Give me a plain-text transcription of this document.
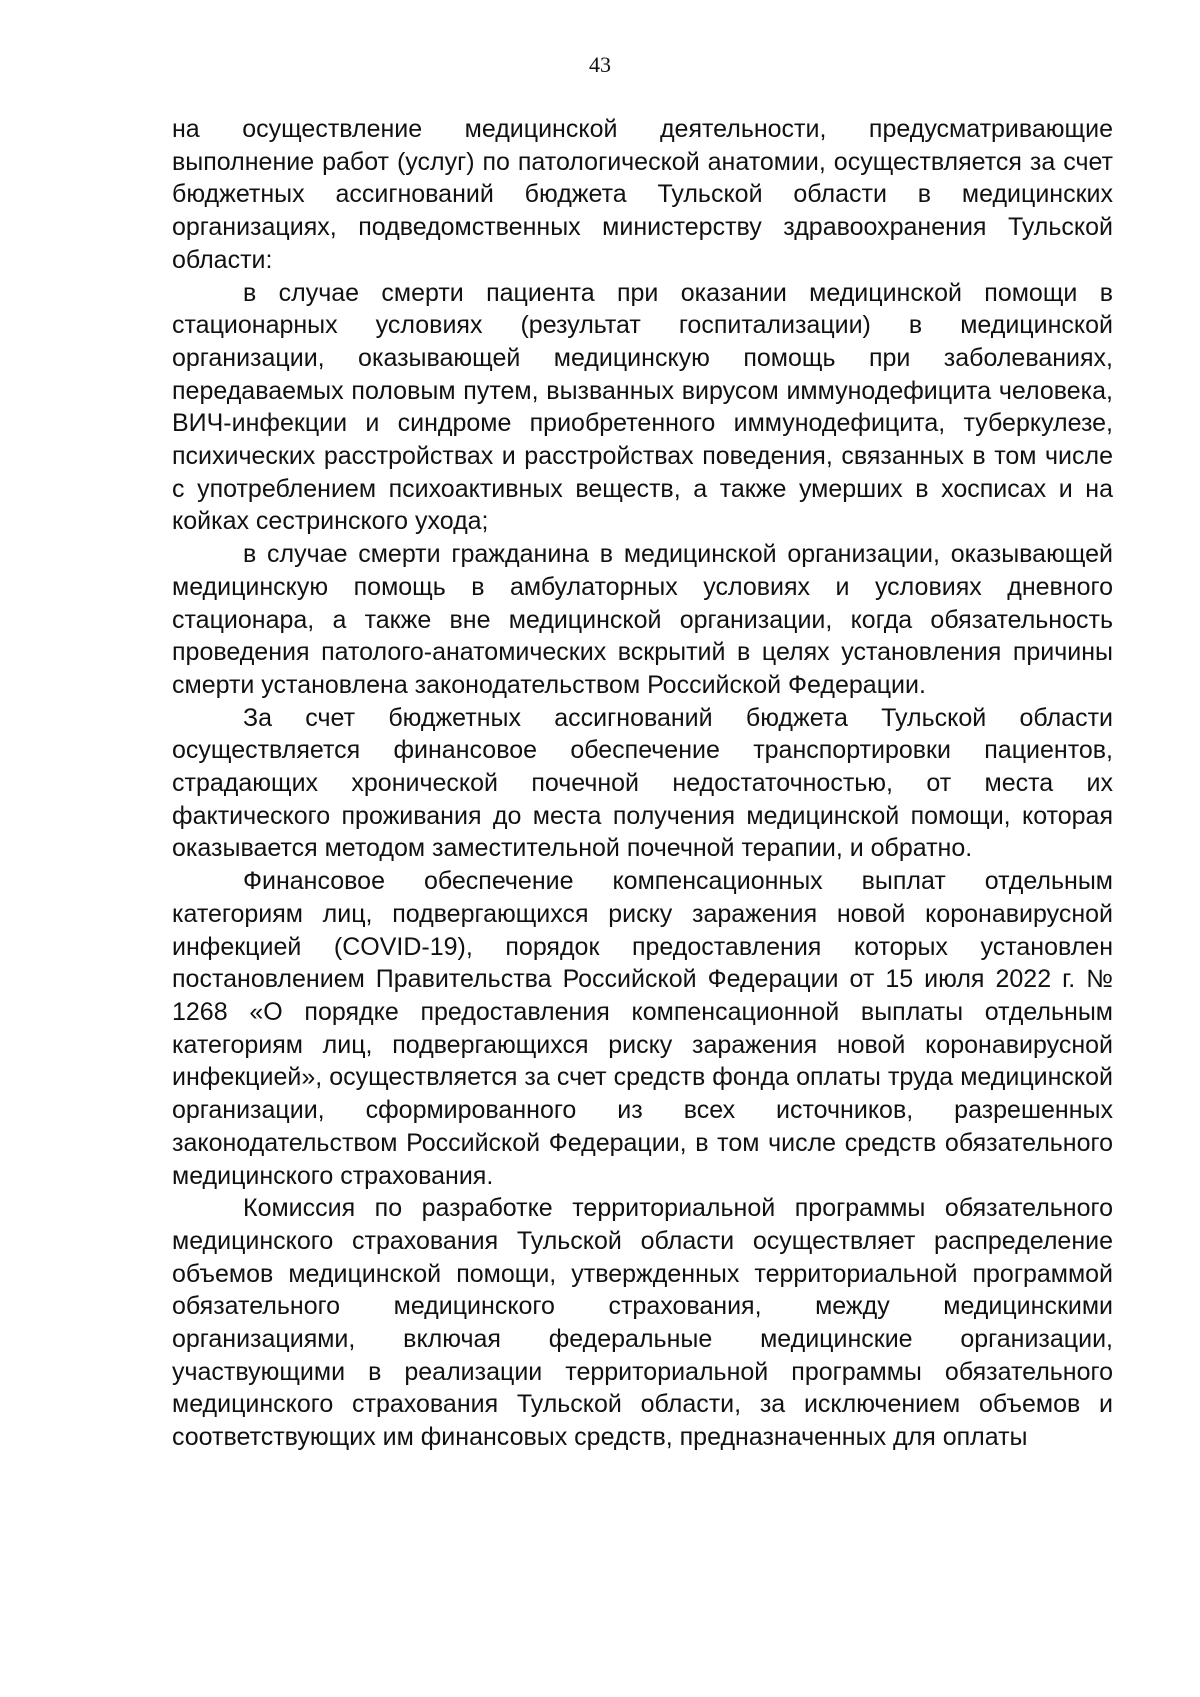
43

на осуществление медицинской деятельности, предусматривающие выполнение работ (услуг) по патологической анатомии, осуществляется за счет бюджетных ассигнований бюджета Тульской области в медицинских организациях, подведомственных министерству здравоохранения Тульской области:

в случае смерти пациента при оказании медицинской помощи в стационарных условиях (результат госпитализации) в медицинской организации, оказывающей медицинскую помощь при заболеваниях, передаваемых половым путем, вызванных вирусом иммунодефицита человека, ВИЧ-инфекции и синдроме приобретенного иммунодефицита, туберкулезе, психических расстройствах и расстройствах поведения, связанных в том числе с употреблением психоактивных веществ, а также умерших в хосписах и на койках сестринского ухода;

в случае смерти гражданина в медицинской организации, оказывающей медицинскую помощь в амбулаторных условиях и условиях дневного стационара, а также вне медицинской организации, когда обязательность проведения патолого-анатомических вскрытий в целях установления причины смерти установлена законодательством Российской Федерации.

За счет бюджетных ассигнований бюджета Тульской области осуществляется финансовое обеспечение транспортировки пациентов, страдающих хронической почечной недостаточностью, от места их фактического проживания до места получения медицинской помощи, которая оказывается методом заместительной почечной терапии, и обратно.

Финансовое обеспечение компенсационных выплат отдельным категориям лиц, подвергающихся риску заражения новой коронавирусной инфекцией (COVID-19), порядок предоставления которых установлен постановлением Правительства Российской Федерации от 15 июля 2022 г. № 1268 «О порядке предоставления компенсационной выплаты отдельным категориям лиц, подвергающихся риску заражения новой коронавирусной инфекцией», осуществляется за счет средств фонда оплаты труда медицинской организации, сформированного из всех источников, разрешенных законодательством Российской Федерации, в том числе средств обязательного медицинского страхования.

Комиссия по разработке территориальной программы обязательного медицинского страхования Тульской области осуществляет распределение объемов медицинской помощи, утвержденных территориальной программой обязательного медицинского страхования, между медицинскими организациями, включая федеральные медицинские организации, участвующими в реализации территориальной программы обязательного медицинского страхования Тульской области, за исключением объемов и соответствующих им финансовых средств, предназначенных для оплаты
